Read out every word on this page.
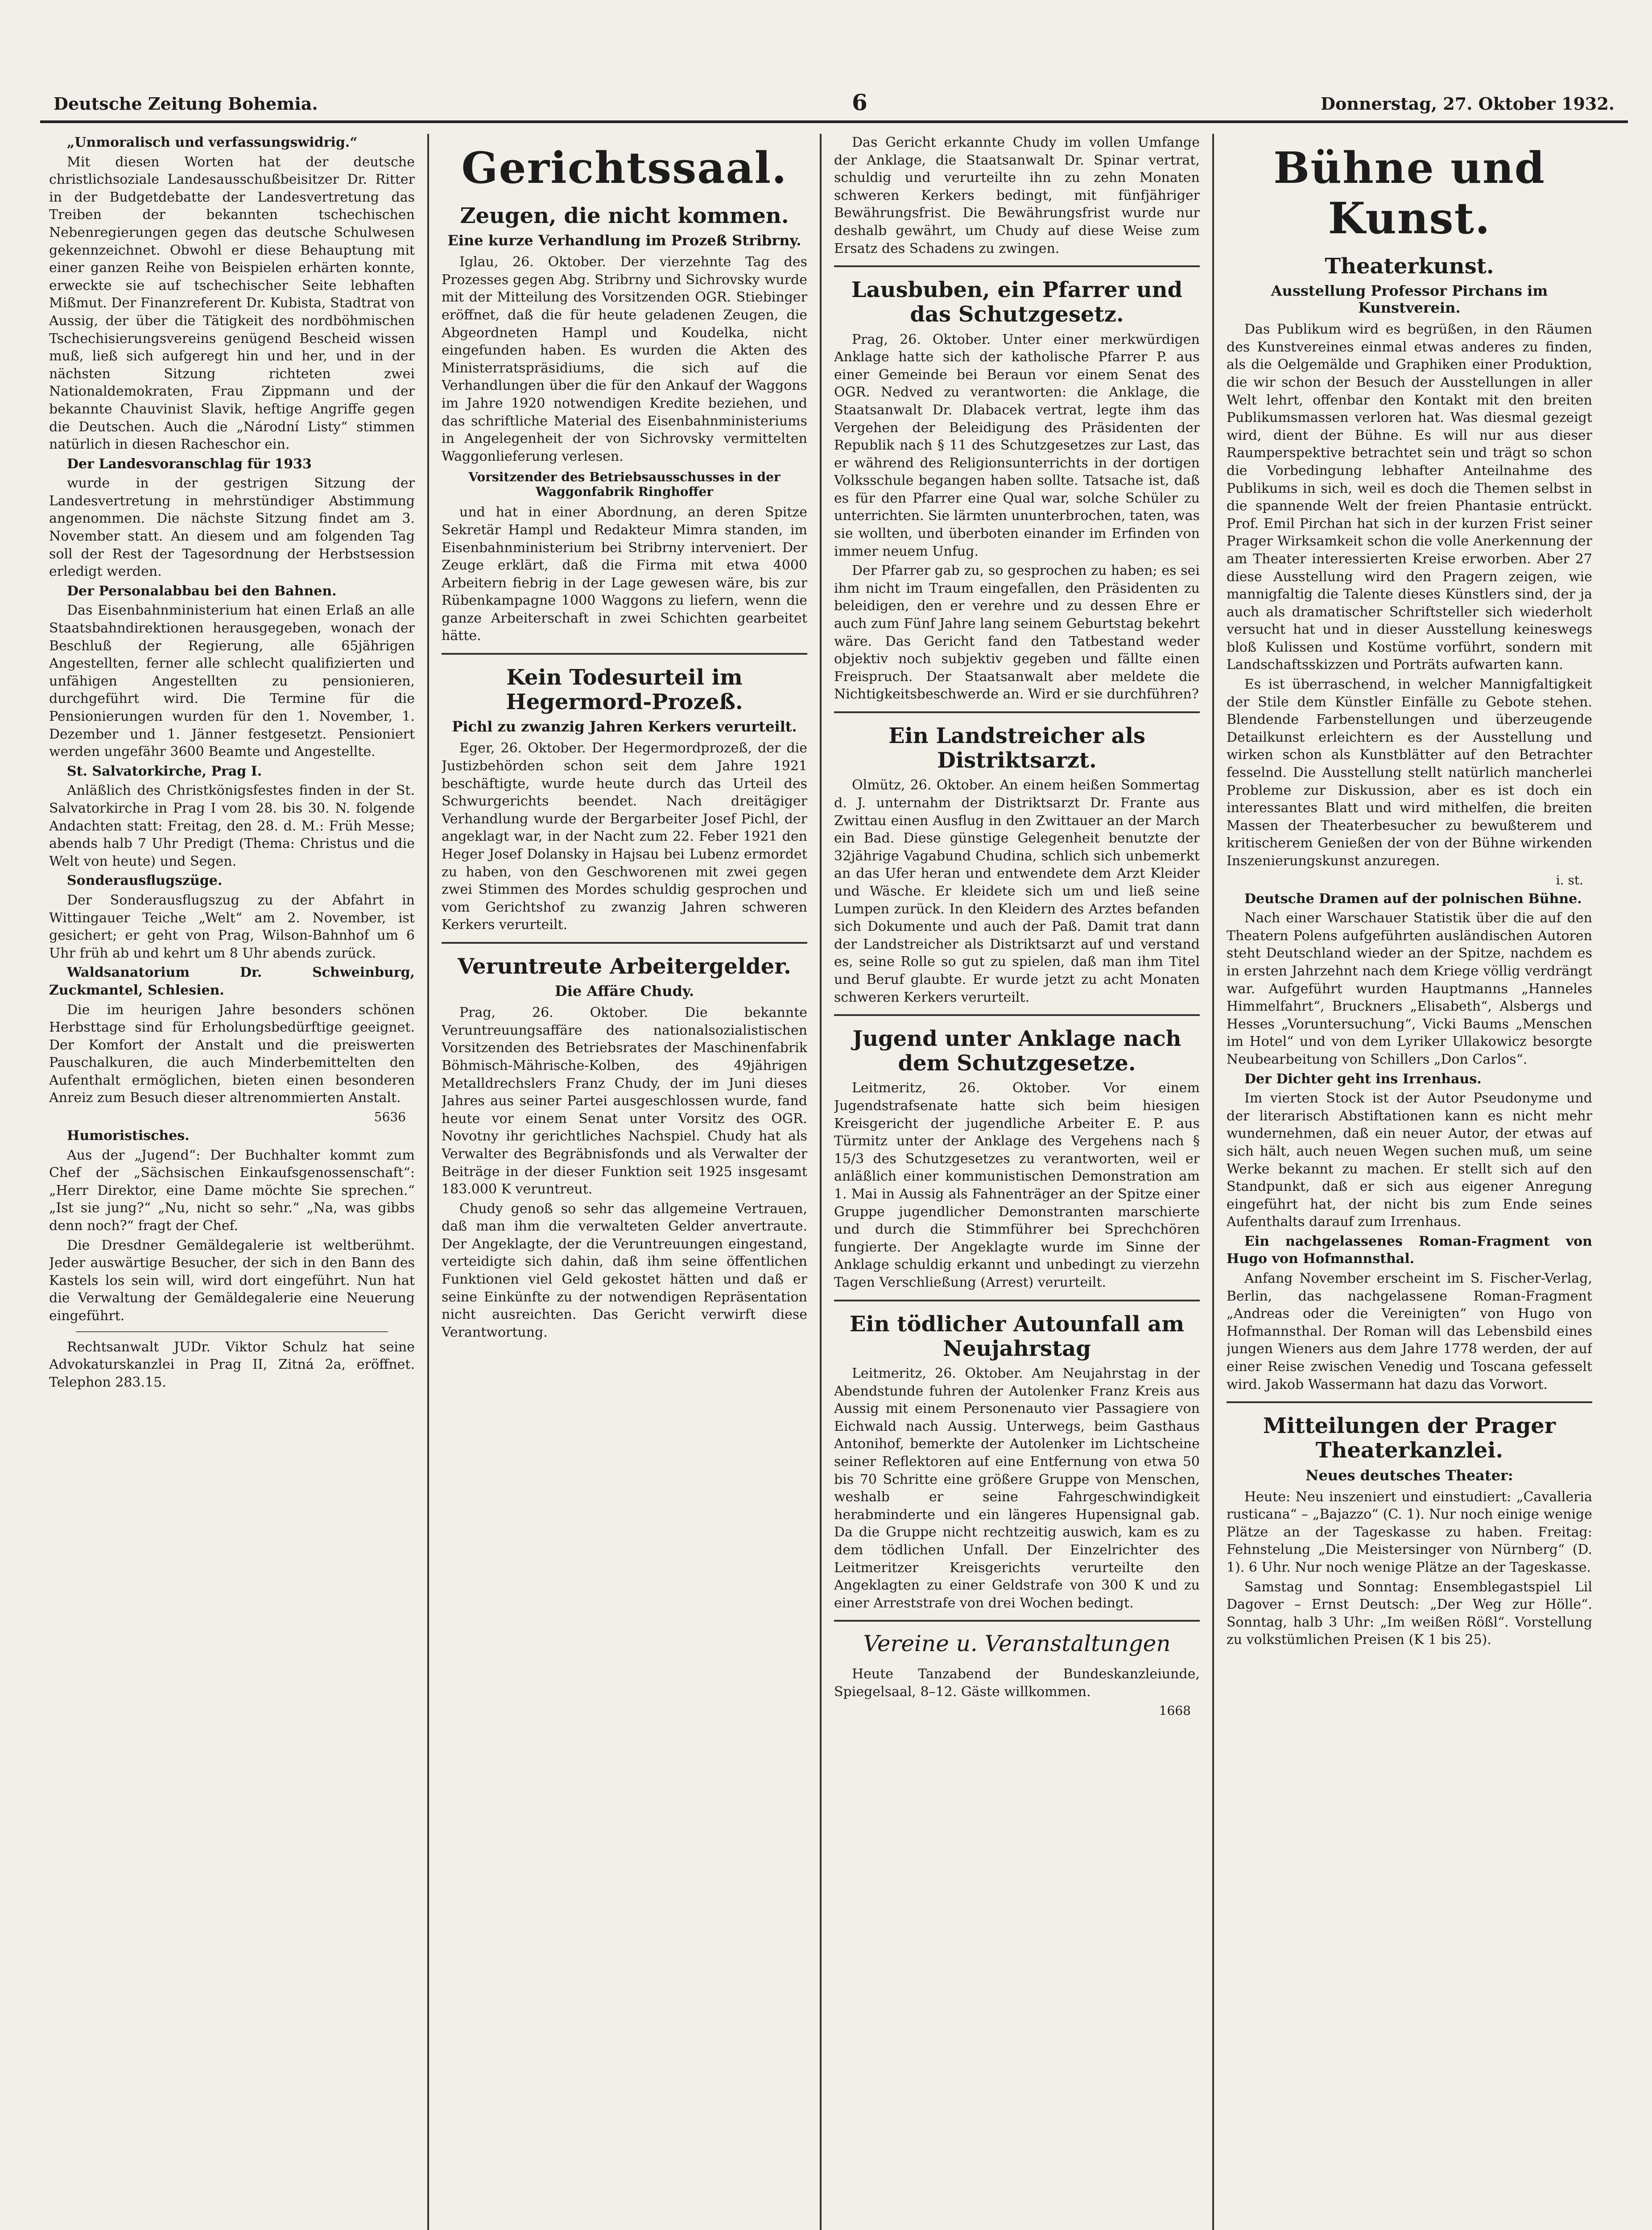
Deutsche Zeitung Bohemia.	6	Donnerstag, 27. Oktober 1932.

„Unmoralisch und verfassungswidrig.“

Mit diesen Worten hat der deutsche christlichsoziale Landesausschußbeisitzer Dr. Ritter in der Budgetdebatte der Landesvertretung das Treiben der bekannten tschechischen Nebenregierungen gegen das deutsche Schulwesen gekennzeichnet. Obwohl er diese Behauptung mit einer ganzen Reihe von Beispielen erhärten konnte, erweckte sie auf tschechischer Seite lebhaften Mißmut. Der Finanzreferent Dr. Kubista, Stadtrat von Aussig, der über die Tätigkeit des nordböhmischen Tschechisierungsvereins genügend Bescheid wissen muß, ließ sich aufgeregt hin und her, und in der nächsten Sitzung richteten zwei Nationaldemokraten, Frau Zippmann und der bekannte Chauvinist Slavik, heftige Angriffe gegen die Deutschen. Auch die „Národní Listy“ stimmen natürlich in diesen Racheschor ein.

Der Landesvoranschlag für 1933

wurde in der gestrigen Sitzung der Landesvertretung in mehrstündiger Abstimmung angenommen. Die nächste Sitzung findet am 3. November statt. An diesem und am folgenden Tag soll der Rest der Tagesordnung der Herbstsession erledigt werden.

Der Personalabbau bei den Bahnen.

Das Eisenbahnministerium hat einen Erlaß an alle Staatsbahndirektionen herausgegeben, wonach der Beschluß der Regierung, alle 65jährigen Angestellten, ferner alle schlecht qualifizierten und unfähigen Angestellten zu pensionieren, durchgeführt wird. Die Termine für die Pensionierungen wurden für den 1. November, 1. Dezember und 1. Jänner festgesetzt. Pensioniert werden ungefähr 3600 Beamte und Angestellte.

St. Salvatorkirche, Prag I.

Anläßlich des Christkönigsfestes finden in der St. Salvatorkirche in Prag I vom 28. bis 30. N. folgende Andachten statt: Freitag, den 28. d. M.: Früh Messe; abends halb 7 Uhr Predigt (Thema: Christus und die Welt von heute) und Segen.

Sonderausflugszüge.

Der Sonderausflugszug zu der Abfahrt in Wittingauer Teiche „Welt“ am 2. November, ist gesichert; er geht von Prag, Wilson-Bahnhof um 6 Uhr früh ab und kehrt um 8 Uhr abends zurück.

Waldsanatorium Dr. Schweinburg, Zuckmantel, Schlesien.

Die im heurigen Jahre besonders schönen Herbsttage sind für Erholungsbedürftige geeignet. Der Komfort der Anstalt und die preiswerten Pauschalkuren, die auch Minderbemittelten den Aufenthalt ermöglichen, bieten einen besonderen Anreiz zum Besuch dieser altrenommierten Anstalt.

5636

Humoristisches.

Aus der „Jugend“: Der Buchhalter kommt zum Chef der „Sächsischen Einkaufsgenossenschaft“: „Herr Direktor, eine Dame möchte Sie sprechen.“ „Ist sie jung?“ „Nu, nicht so sehr.“ „Na, was gibbs denn noch?“ fragt der Chef.

Die Dresdner Gemäldegalerie ist weltberühmt. Jeder auswärtige Besucher, der sich in den Bann des Kastels los sein will, wird dort eingeführt. Nun hat die Verwaltung der Gemäldegalerie eine Neuerung eingeführt.

Rechtsanwalt JUDr. Viktor Schulz hat seine Advokaturskanzlei in Prag II, Zitná 2a, eröffnet. Telephon 283.15.

Gerichtssaal.
Zeugen, die nicht kommen.
Eine kurze Verhandlung im Prozeß Stribrny.

Iglau, 26. Oktober. Der vierzehnte Tag des Prozesses gegen Abg. Stribrny und Sichrovsky wurde mit der Mitteilung des Vorsitzenden OGR. Stiebinger eröffnet, daß die für heute geladenen Zeugen, die Abgeordneten Hampl und Koudelka, nicht eingefunden haben. Es wurden die Akten des Ministerratspräsidiums, die sich auf die Verhandlungen über die für den Ankauf der Waggons im Jahre 1920 notwendigen Kredite beziehen, und das schriftliche Material des Eisenbahnministeriums in Angelegenheit der von Sichrovsky vermittelten Waggonlieferung verlesen.

Vorsitzender des Betriebsausschusses in der Waggonfabrik Ringhoffer

und hat in einer Abordnung, an deren Spitze Sekretär Hampl und Redakteur Mimra standen, im Eisenbahnministerium bei Stribrny interveniert. Der Zeuge erklärt, daß die Firma mit etwa 4000 Arbeitern fiebrig in der Lage gewesen wäre, bis zur Rübenkampagne 1000 Waggons zu liefern, wenn die ganze Arbeiterschaft in zwei Schichten gearbeitet hätte.

Kein Todesurteil im Hegermord-Prozeß.
Pichl zu zwanzig Jahren Kerkers verurteilt.

Eger, 26. Oktober. Der Hegermordprozeß, der die Justizbehörden schon seit dem Jahre 1921 beschäftigte, wurde heute durch das Urteil des Schwurgerichts beendet. Nach dreitägiger Verhandlung wurde der Bergarbeiter Josef Pichl, der angeklagt war, in der Nacht zum 22. Feber 1921 den Heger Josef Dolansky in Hajsau bei Lubenz ermordet zu haben, von den Geschworenen mit zwei gegen zwei Stimmen des Mordes schuldig gesprochen und vom Gerichtshof zu zwanzig Jahren schweren Kerkers verurteilt.

Veruntreute Arbeitergelder.
Die Affäre Chudy.

Prag, 26. Oktober. Die bekannte Veruntreuungsaffäre des nationalsozialistischen Vorsitzenden des Betriebsrates der Maschinenfabrik Böhmisch-Mährische-Kolben, des 49jährigen Metalldrechslers Franz Chudy, der im Juni dieses Jahres aus seiner Partei ausgeschlossen wurde, fand heute vor einem Senat unter Vorsitz des OGR. Novotny ihr gerichtliches Nachspiel. Chudy hat als Verwalter des Begräbnisfonds und als Verwalter der Beiträge in der dieser Funktion seit 1925 insgesamt 183.000 K veruntreut.

Chudy genoß so sehr das allgemeine Vertrauen, daß man ihm die verwalteten Gelder anvertraute. Der Angeklagte, der die Veruntreuungen eingestand, verteidigte sich dahin, daß ihm seine öffentlichen Funktionen viel Geld gekostet hätten und daß er seine Einkünfte zu der notwendigen Repräsentation nicht ausreichten. Das Gericht verwirft diese Verantwortung.

Das Gericht erkannte Chudy im vollen Umfange der Anklage, die Staatsanwalt Dr. Spinar vertrat, schuldig und verurteilte ihn zu zehn Monaten schweren Kerkers bedingt, mit fünfjähriger Bewährungsfrist. Die Bewährungsfrist wurde nur deshalb gewährt, um Chudy auf diese Weise zum Ersatz des Schadens zu zwingen.

Lausbuben, ein Pfarrer und das Schutzgesetz.

Prag, 26. Oktober. Unter einer merkwürdigen Anklage hatte sich der katholische Pfarrer P. aus einer Gemeinde bei Beraun vor einem Senat des OGR. Nedved zu verantworten: die Anklage, die Staatsanwalt Dr. Dlabacek vertrat, legte ihm das Vergehen der Beleidigung des Präsidenten der Republik nach § 11 des Schutzgesetzes zur Last, das er während des Religionsunterrichts in der dortigen Volksschule begangen haben sollte. Tatsache ist, daß es für den Pfarrer eine Qual war, solche Schüler zu unterrichten. Sie lärmten ununterbrochen, taten, was sie wollten, und überboten einander im Erfinden von immer neuem Unfug.

Der Pfarrer gab zu, so gesprochen zu haben; es sei ihm nicht im Traum eingefallen, den Präsidenten zu beleidigen, den er verehre und zu dessen Ehre er auch zum Fünf Jahre lang seinem Geburtstag bekehrt wäre. Das Gericht fand den Tatbestand weder objektiv noch subjektiv gegeben und fällte einen Freispruch. Der Staatsanwalt aber meldete die Nichtigkeitsbeschwerde an. Wird er sie durchführen?

Ein Landstreicher als Distriktsarzt.

Olmütz, 26. Oktober. An einem heißen Sommertag d. J. unternahm der Distriktsarzt Dr. Frante aus Zwittau einen Ausflug in den Zwittauer an der March ein Bad. Diese günstige Gelegenheit benutzte der 32jährige Vagabund Chudina, schlich sich unbemerkt an das Ufer heran und entwendete dem Arzt Kleider und Wäsche. Er kleidete sich um und ließ seine Lumpen zurück. In den Kleidern des Arztes befanden sich Dokumente und auch der Paß. Damit trat dann der Landstreicher als Distriktsarzt auf und verstand es, seine Rolle so gut zu spielen, daß man ihm Titel und Beruf glaubte. Er wurde jetzt zu acht Monaten schweren Kerkers verurteilt.

Jugend unter Anklage nach dem Schutzgesetze.

Leitmeritz, 26. Oktober. Vor einem Jugendstrafsenate hatte sich beim hiesigen Kreisgericht der jugendliche Arbeiter E. P. aus Türmitz unter der Anklage des Vergehens nach § 15/3 des Schutzgesetzes zu verantworten, weil er anläßlich einer kommunistischen Demonstration am 1. Mai in Aussig als Fahnenträger an der Spitze einer Gruppe jugendlicher Demonstranten marschierte und durch die Stimmführer bei Sprechchören fungierte. Der Angeklagte wurde im Sinne der Anklage schuldig erkannt und unbedingt zu vierzehn Tagen Verschließung (Arrest) verurteilt.

Ein tödlicher Autounfall am Neujahrstag

Leitmeritz, 26. Oktober. Am Neujahrstag in der Abendstunde fuhren der Autolenker Franz Kreis aus Aussig mit einem Personenauto vier Passagiere von Eichwald nach Aussig. Unterwegs, beim Gasthaus Antonihof, bemerkte der Autolenker im Lichtscheine seiner Reflektoren auf eine Entfernung von etwa 50 bis 70 Schritte eine größere Gruppe von Menschen, weshalb er seine Fahrgeschwindigkeit herabminderte und ein längeres Hupensignal gab. Da die Gruppe nicht rechtzeitig auswich, kam es zu dem tödlichen Unfall. Der Einzelrichter des Leitmeritzer Kreisgerichts verurteilte den Angeklagten zu einer Geldstrafe von 300 K und zu einer Arreststrafe von drei Wochen bedingt.

Vereine u. Veranstaltungen

Heute Tanzabend der Bundeskanzleiunde, Spiegelsaal, 8–12. Gäste willkommen.

1668
Bühne und Kunst.
Theaterkunst.
Ausstellung Professor Pirchans im Kunstverein.

Das Publikum wird es begrüßen, in den Räumen des Kunstvereines einmal etwas anderes zu finden, als die Oelgemälde und Graphiken einer Produktion, die wir schon der Besuch der Ausstellungen in aller Welt lehrt, offenbar den Kontakt mit den breiten Publikumsmassen verloren hat. Was diesmal gezeigt wird, dient der Bühne. Es will nur aus dieser Raumperspektive betrachtet sein und trägt so schon die Vorbedingung lebhafter Anteilnahme des Publikums in sich, weil es doch die Themen selbst in die spannende Welt der freien Phantasie entrückt. Prof. Emil Pirchan hat sich in der kurzen Frist seiner Prager Wirksamkeit schon die volle Anerkennung der am Theater interessierten Kreise erworben. Aber 27 diese Ausstellung wird den Pragern zeigen, wie mannigfaltig die Talente dieses Künstlers sind, der ja auch als dramatischer Schriftsteller sich wiederholt versucht hat und in dieser Ausstellung keineswegs bloß Kulissen und Kostüme vorführt, sondern mit Landschaftsskizzen und Porträts aufwarten kann.

Es ist überraschend, in welcher Mannigfaltigkeit der Stile dem Künstler Einfälle zu Gebote stehen. Blendende Farbenstellungen und überzeugende Detailkunst erleichtern es der Ausstellung und wirken schon als Kunstblätter auf den Betrachter fesselnd. Die Ausstellung stellt natürlich mancherlei Probleme zur Diskussion, aber es ist doch ein interessantes Blatt und wird mithelfen, die breiten Massen der Theaterbesucher zu bewußterem und kritischerem Genießen der von der Bühne wirkenden Inszenierungskunst anzuregen.

i. st.

Deutsche Dramen auf der polnischen Bühne.

Nach einer Warschauer Statistik über die auf den Theatern Polens aufgeführten ausländischen Autoren steht Deutschland wieder an der Spitze, nachdem es in ersten Jahrzehnt nach dem Kriege völlig verdrängt war. Aufgeführt wurden Hauptmanns „Hanneles Himmelfahrt“, Bruckners „Elisabeth“, Alsbergs und Hesses „Voruntersuchung“, Vicki Baums „Menschen im Hotel“ und von dem Lyriker Ullakowicz besorgte Neubearbeitung von Schillers „Don Carlos“.

Der Dichter geht ins Irrenhaus.

Im vierten Stock ist der Autor Pseudonyme und der literarisch Abstiftationen kann es nicht mehr wundernehmen, daß ein neuer Autor, der etwas auf sich hält, auch neuen Wegen suchen muß, um seine Werke bekannt zu machen. Er stellt sich auf den Standpunkt, daß er sich aus eigener Anregung eingeführt hat, der nicht bis zum Ende seines Aufenthalts darauf zum Irrenhaus.

Ein nachgelassenes Roman-Fragment von Hugo von Hofmannsthal.

Anfang November erscheint im S. Fischer-Verlag, Berlin, das nachgelassene Roman-Fragment „Andreas oder die Vereinigten“ von Hugo von Hofmannsthal. Der Roman will das Lebensbild eines jungen Wieners aus dem Jahre 1778 werden, der auf einer Reise zwischen Venedig und Toscana gefesselt wird. Jakob Wassermann hat dazu das Vorwort.

Mitteilungen der Prager Theaterkanzlei.
Neues deutsches Theater:

Heute: Neu inszeniert und einstudiert: „Cavalleria rusticana“ – „Bajazzo“ (C. 1). Nur noch einige wenige Plätze an der Tageskasse zu haben. Freitag: Fehnstelung „Die Meistersinger von Nürnberg“ (D. 1). 6 Uhr. Nur noch wenige Plätze an der Tageskasse.

Samstag und Sonntag: Ensemblegastspiel Lil Dagover – Ernst Deutsch: „Der Weg zur Hölle“. Sonntag, halb 3 Uhr: „Im weißen Rößl“. Vorstellung zu volkstümlichen Preisen (K 1 bis 25).
